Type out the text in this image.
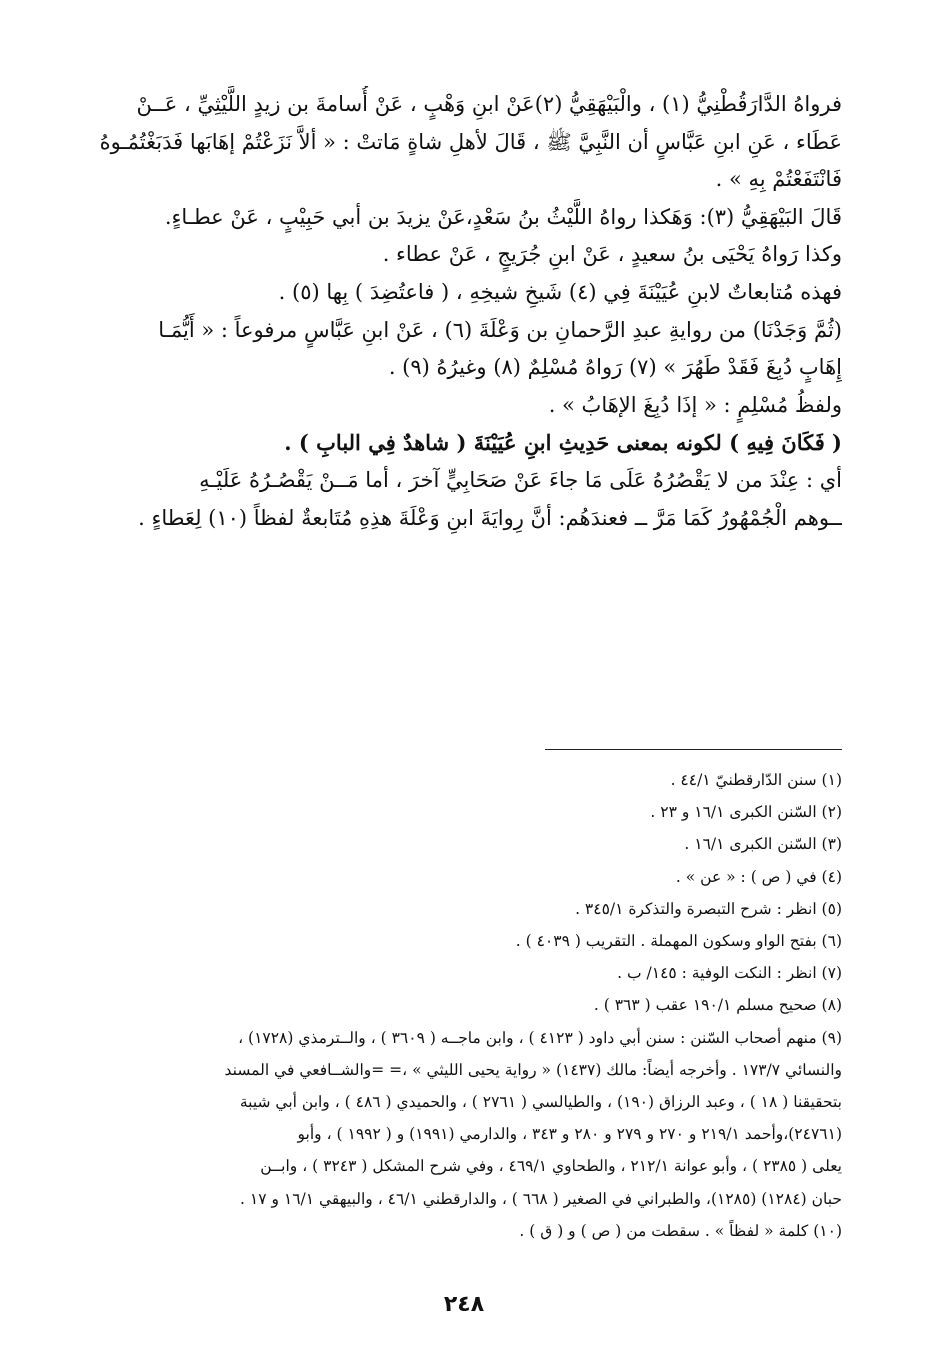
فرواهُ الدَّارَقُطْنِيُّ (١) ، والْبَيْهَقِيُّ (٢)عَنْ ابنِ وَهْبٍ ، عَنْ أُسامةَ بن زيدٍ اللَّيْثِيِّ ، عَــنْ
عَطَاء ، عَنِ ابنِ عَبَّاسٍ أن النَّبِيَّ ﷺ ، قَالَ لأهلِ شاةٍ مَاتتْ : « ألاَّ نَزَعْتُمْ إهَابَها فَدَبَغْتُمُـوهُ
فَانْتَفَعْتُمْ بِهِ » .
قَالَ البَيْهَقِيُّ (٣): وَهَكذا رواهُ اللَّيْثُ بنُ سَعْدٍ،عَنْ يزيدَ بن أبي حَبِيْبٍ ، عَنْ عطـاءٍ.
وكذا رَواهُ يَحْيَى بنُ سعيدٍ ، عَنْ ابنِ جُرَيجٍ ، عَنْ عطاء .
فهذه مُتابعاتٌ لابنِ عُيَيْنَةَ فِي (٤) شَيخِ شيخِهِ ، ( فاعتُضِدَ ) بِها (٥) .
(ثُمَّ وَجَدْنَا) من روايةِ عبدِ الرَّحمانِ بن وَعْلَةَ (٦) ، عَنْ ابنِ عَبَّاسٍ مرفوعاً : « أَيُّمَـا
إِهَابٍ دُبِغَ فَقَدْ طَهُرَ » (٧) رَواهُ مُسْلِمٌ (٨) وغيرُهُ (٩) .
ولفظُ مُسْلِمٍ : « إذَا دُبِغَ الإهَابُ » .
( فَكَانَ فِيهِ ) لكونه بمعنى حَدِيثِ ابنِ عُيَيْنَةَ ( شاهدٌ فِي البابِ ) .
أي : عِنْدَ من لا يَقْصُرُهُ عَلَى مَا جاءَ عَنْ صَحَابِيٍّ آخرَ ، أما مَــنْ يَقْصُـرُهُ عَلَيْـهِ
ــوهم الْجُمْهُورُ كَمَا مَرَّ ــ فعندَهُم: أنَّ رِوايَةَ ابنِ وَعْلَةَ هذِهِ مُتَابعةٌ لفظاً (١٠) لِعَطاءٍ .
(١) سنن الدّارقطنيّ ٤٤/١ .
(٢) السّنن الكبرى ١٦/١ و ٢٣ .
(٣) السّنن الكبرى ١٦/١ .
(٤) في ( ص ) : « عن » .
(٥) انظر : شرح التبصرة والتذكرة ٣٤٥/١ .
(٦) بفتح الواو وسكون المهملة . التقريب ( ٤٠٣٩ ) .
(٧) انظر : النكت الوفية : ١٤٥/ ب .
(٨) صحيح مسلم ١٩٠/١ عقب ( ٣٦٣ ) .
(٩) منهم أصحاب السّنن : سنن أبي داود ( ٤١٢٣ ) ، وابن ماجــه ( ٣٦٠٩ ) ، والــترمذي (١٧٢٨) ،
والنسائي ١٧٣/٧ . وأخرجه أيضاً: مالك (١٤٣٧) « رواية يحيى الليثي » ،= =والشــافعي في المسند
بتحقيقنا ( ١٨ ) ، وعبد الرزاق (١٩٠) ، والطيالسي ( ٢٧٦١ ) ، والحميدي ( ٤٨٦ ) ، وابن أبي شيبة
(٢٤٧٦١)،وأحمد ٢١٩/١ و ٢٧٠ و ٢٧٩ و ٢٨٠ و ٣٤٣ ، والدارمي (١٩٩١) و ( ١٩٩٢ ) ، وأبو
يعلى ( ٢٣٨٥ ) ، وأبو عوانة ٢١٢/١ ، والطحاوي ٤٦٩/١ ، وفي شرح المشكل ( ٣٢٤٣ ) ، وابــن
حبان (١٢٨٤) (١٢٨٥)، والطبراني في الصغير ( ٦٦٨ ) ، والدارقطني ٤٦/١ ، والبيهقي ١٦/١ و ١٧ .
(١٠) كلمة « لفظاً » . سقطت من ( ص ) و ( ق ) .
٢٤٨
